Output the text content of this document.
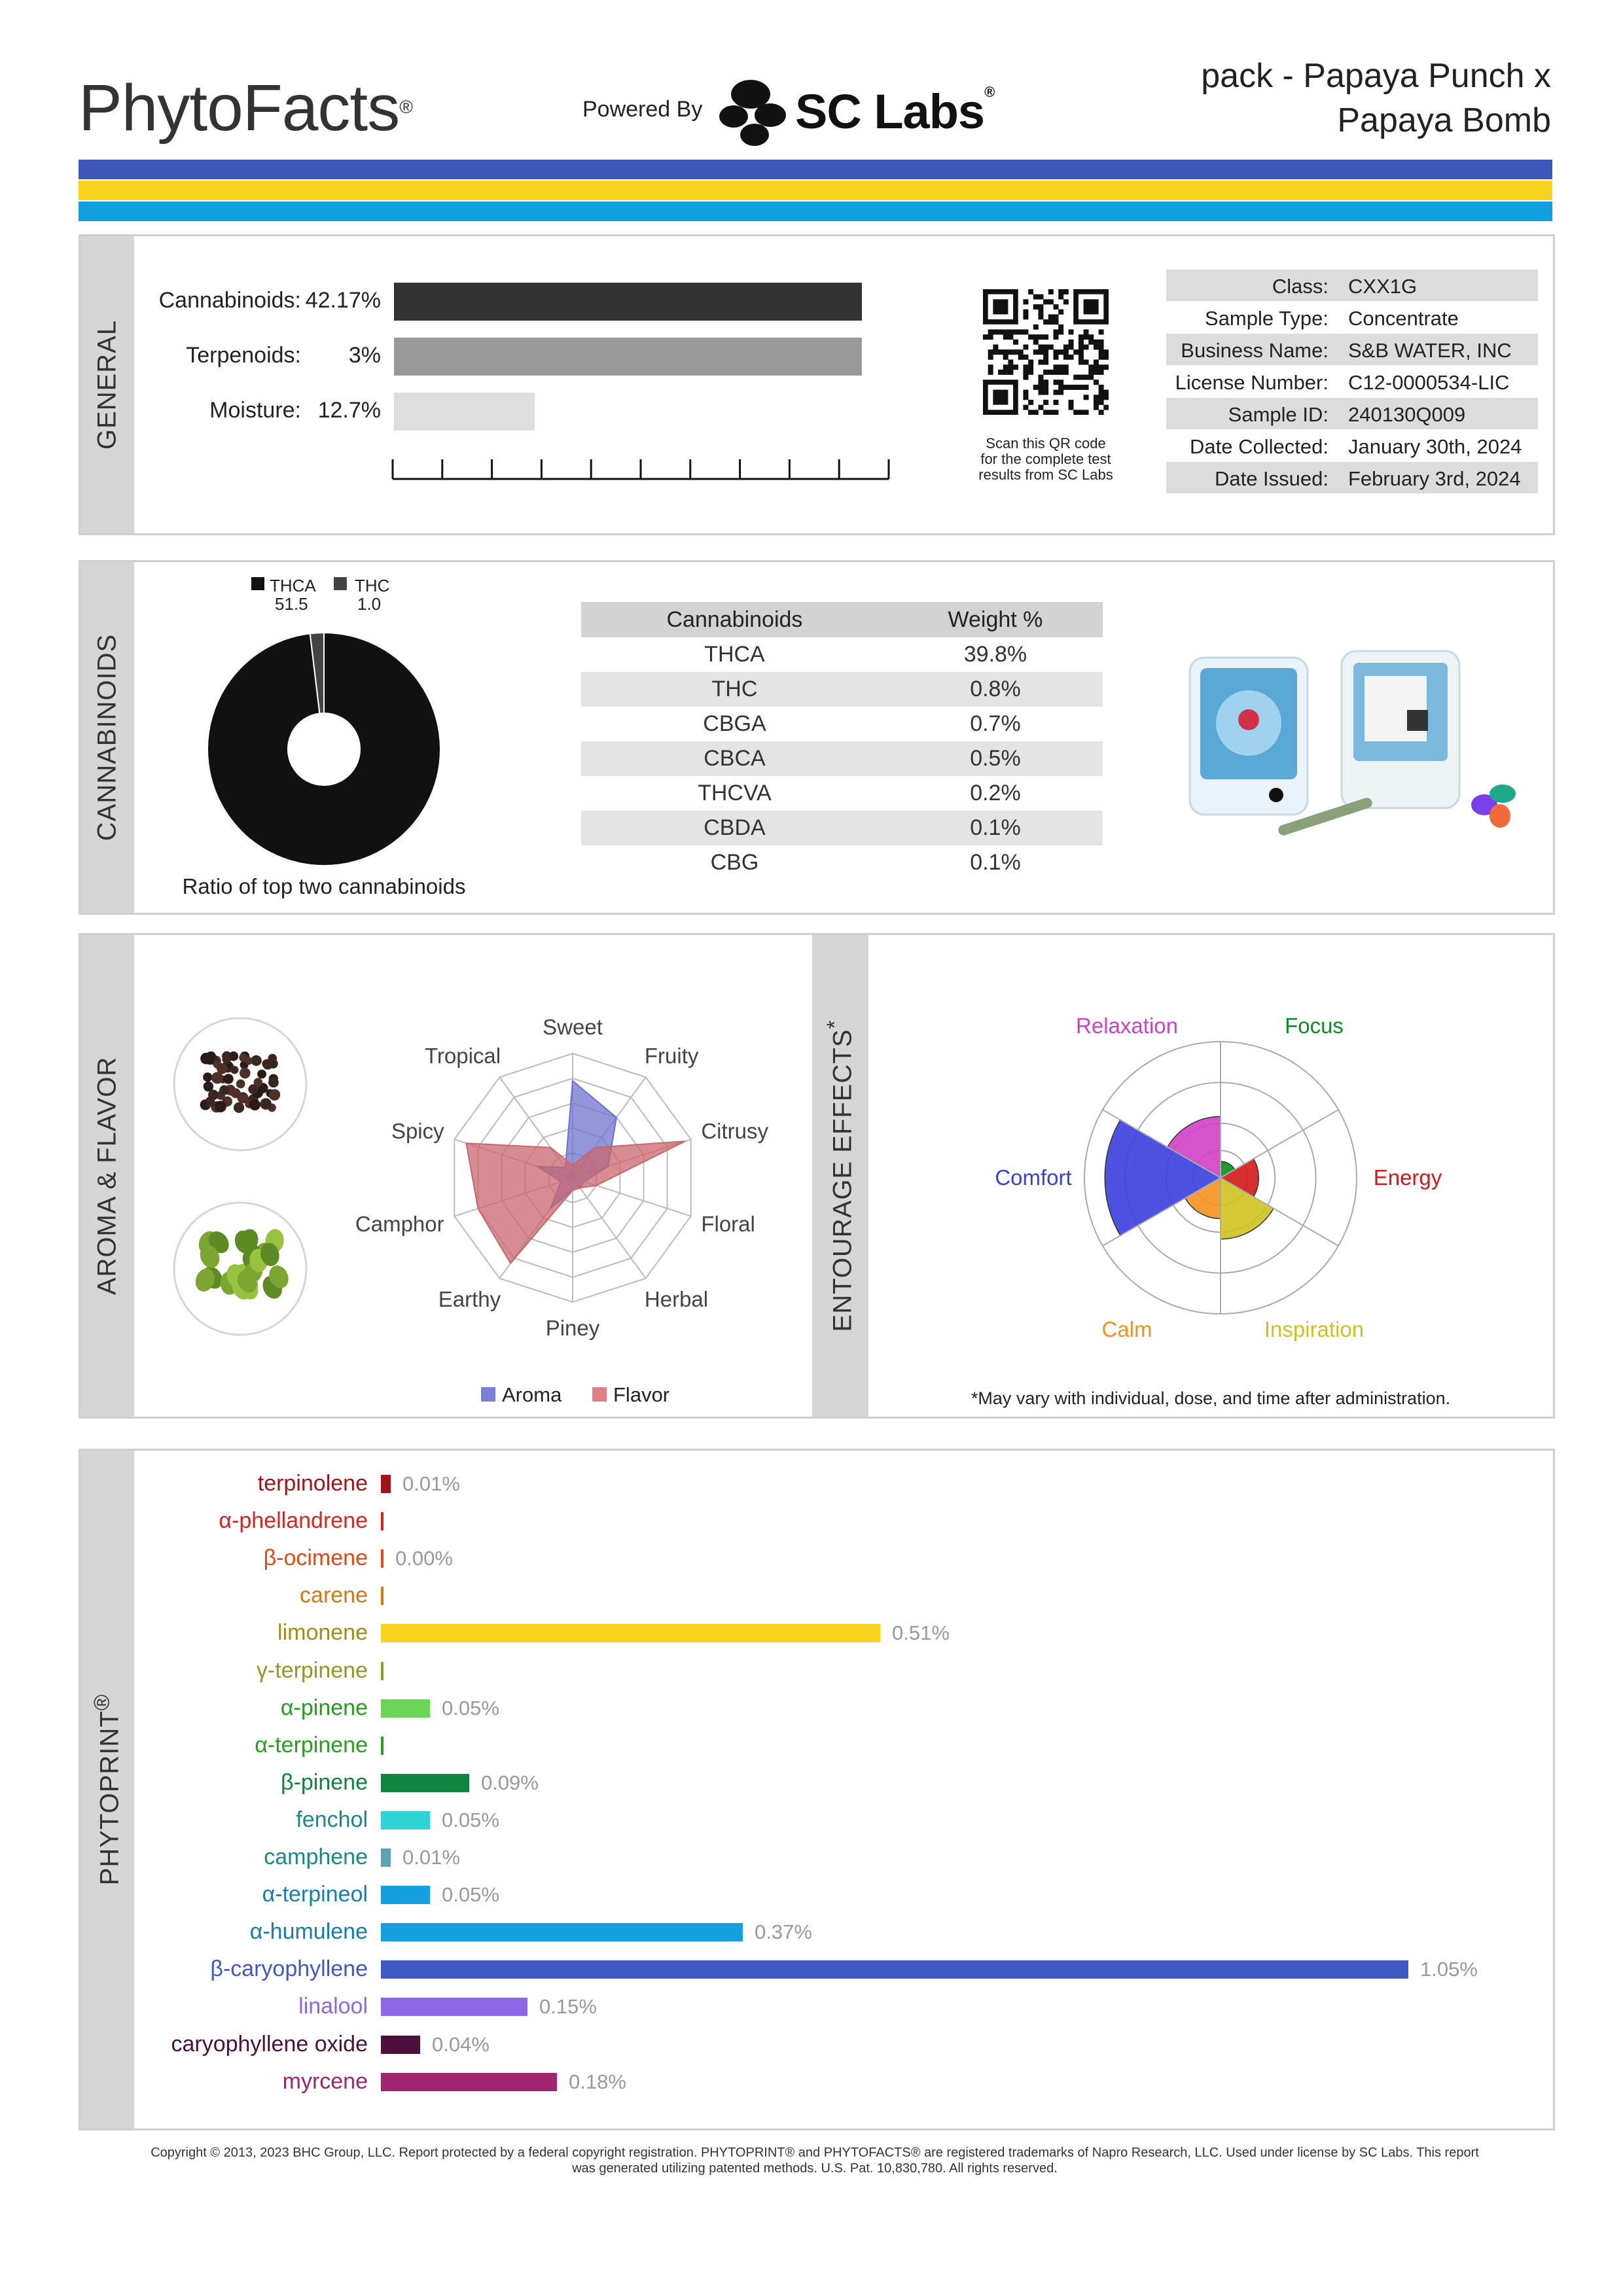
PhytoFacts®	Powered By SC Labs®	pack - Papaya Punch x
Papaya Bomb
GENERAL
Cannabinoids: 42.17%
Terpenoids:	3%
Moisture: 12.7%
Scan this QR code
for the complete test
results from SC Labs
Class: CXX1G
Sample Type: Concentrate
Business Name: S&B WATER, INC
License Number: C12-0000534-LIC
Sample ID: 240130Q009
Date Collected: January 30th, 2024
Date Issued: February 3rd, 2024
CANNABINOIDS
THCA
51.5
THC
1.0
Ratio of top two cannabinoids
Cannabinoids	Weight %
THCA	39.8%
THC	0.8%
CBGA	0.7%
CBCA	0.5%
THCVA	0.2%
CBDA	0.1%
CBG	0.1%
AROMA & FLAVOR	ENTOURAGE EFFECTS*
Sweet
Fruity
Citrusy
Floral
Herbal
Piney
Earthy
Camphor
Spicy
Tropical
Aroma	Flavor
Focus
Energy
Inspiration
Calm
Comfort
Relaxation
*May vary with individual, dose, and time after administration.
PHYTOPRINT®
terpinolene 0.01%
α-phellandrene
β-ocimene 0.00%
carene
limonene	0.51%
γ-terpinene
α-pinene	0.05%
α-terpinene
β-pinene	0.09%
fenchol	0.05%
camphene 0.01%
α-terpineol	0.05%
α-humulene	0.37%
β-caryophyllene	1.05%
linalool	0.15%
caryophyllene oxide	0.04%
myrcene	0.18%
Copyright © 2013, 2023 BHC Group, LLC. Report protected by a federal copyright registration. PHYTOPRINT® and PHYTOFACTS® are registered trademarks of Napro Research, LLC. Used under license by SC Labs. This report
was generated utilizing patented methods. U.S. Pat. 10,830,780. All rights reserved.
